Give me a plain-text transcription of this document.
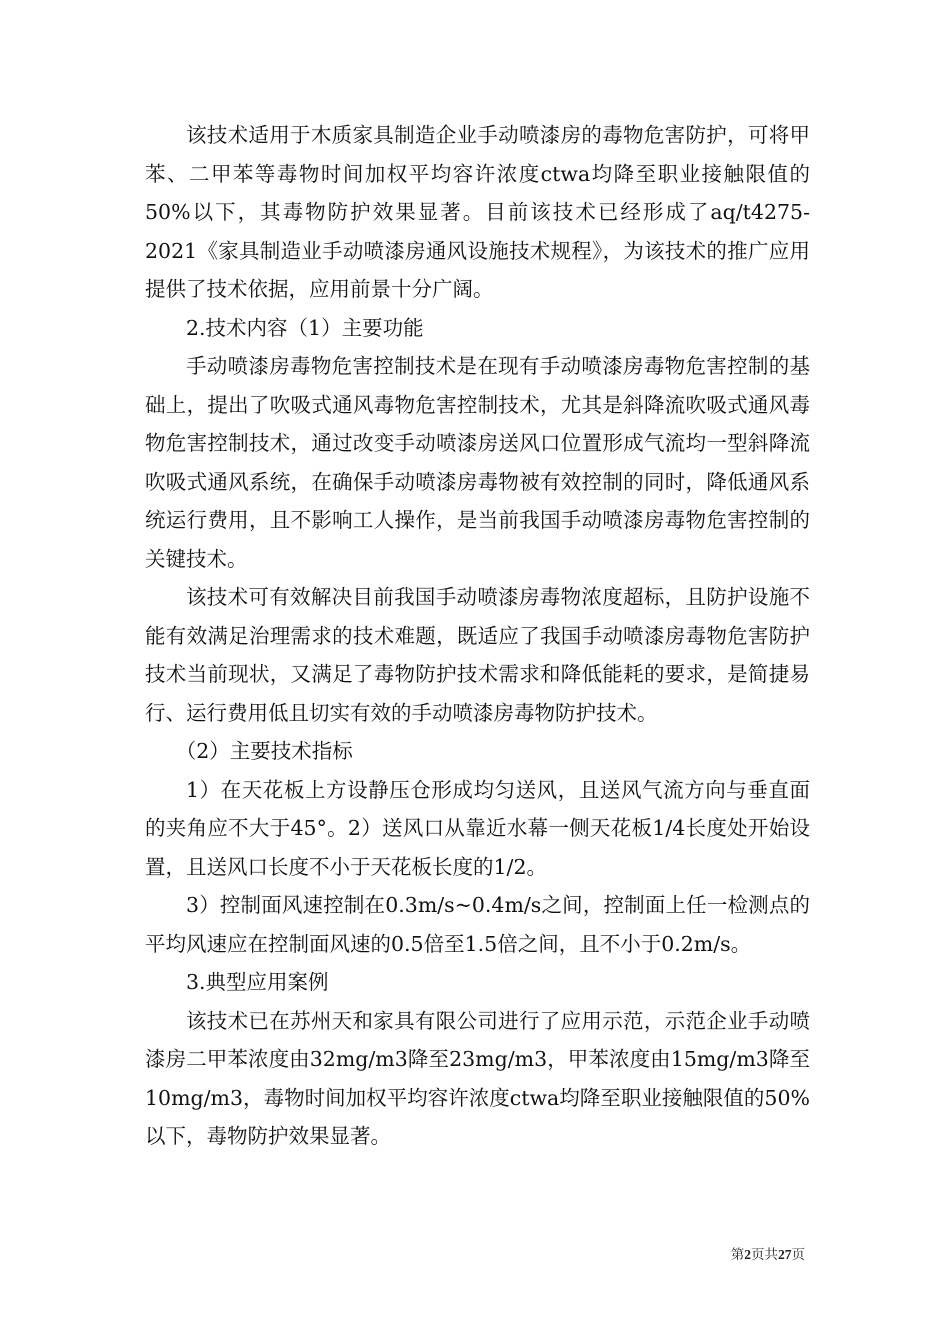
该技术适用于木质家具制造企业手动喷漆房的毒物危害防护，可将甲苯、二甲苯等毒物时间加权平均容许浓度ctwa均降至职业接触限值的50%以下，其毒物防护效果显著。目前该技术已经形成了aq/t4275-2021《家具制造业手动喷漆房通风设施技术规程》，为该技术的推广应用提供了技术依据，应用前景十分广阔。

2.技术内容（1）主要功能

手动喷漆房毒物危害控制技术是在现有手动喷漆房毒物危害控制的基础上，提出了吹吸式通风毒物危害控制技术，尤其是斜降流吹吸式通风毒物危害控制技术，通过改变手动喷漆房送风口位置形成气流均一型斜降流吹吸式通风系统，在确保手动喷漆房毒物被有效控制的同时，降低通风系统运行费用，且不影响工人操作，是当前我国手动喷漆房毒物危害控制的关键技术。

该技术可有效解决目前我国手动喷漆房毒物浓度超标，且防护设施不能有效满足治理需求的技术难题，既适应了我国手动喷漆房毒物危害防护技术当前现状，又满足了毒物防护技术需求和降低能耗的要求，是简捷易行、运行费用低且切实有效的手动喷漆房毒物防护技术。

（2）主要技术指标

1）在天花板上方设静压仓形成均匀送风，且送风气流方向与垂直面的夹角应不大于45°。2）送风口从靠近水幕一侧天花板1/4长度处开始设置，且送风口长度不小于天花板长度的1/2。

3）控制面风速控制在0.3m/s~0.4m/s之间，控制面上任一检测点的平均风速应在控制面风速的0.5倍至1.5倍之间，且不小于0.2m/s。

3.典型应用案例

该技术已在苏州天和家具有限公司进行了应用示范，示范企业手动喷漆房二甲苯浓度由32mg/m3降至23mg/m3，甲苯浓度由15mg/m3降至10mg/m3，毒物时间加权平均容许浓度ctwa均降至职业接触限值的50%以下，毒物防护效果显著。

第2页共27页
